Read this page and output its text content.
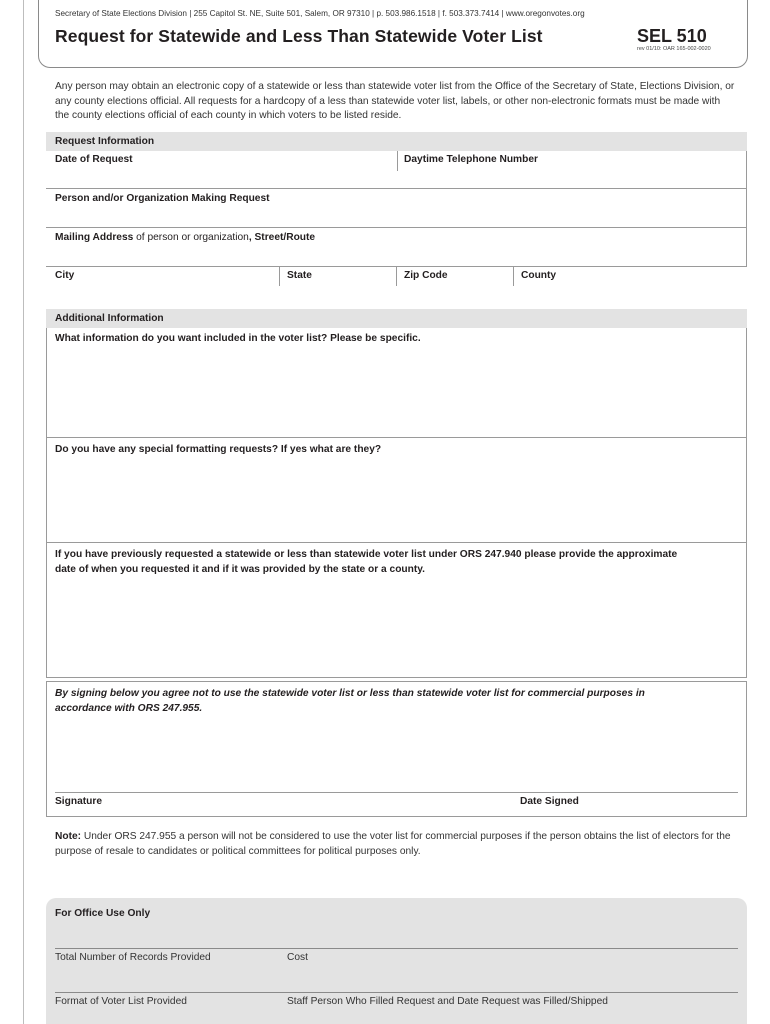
Secretary of State Elections Division | 255 Capitol St. NE, Suite 501, Salem, OR 97310 | p. 503.986.1518 | f. 503.373.7414 | www.oregonvotes.org
Request for Statewide and Less Than Statewide Voter List	SEL 510
rev 01/10: OAR 165-002-0020
Any person may obtain an electronic copy of a statewide or less than statewide voter list from the Office of the Secretary of State, Elections Division, or any county elections official. All requests for a hardcopy of a less than statewide voter list, labels, or other non-electronic formats must be made with the county elections official of each county in which voters to be listed reside.
Request Information
Date of Request	Daytime Telephone Number
Person and/or Organization Making Request
Mailing Address of person or organization, Street/Route
City	State	Zip Code	County
Additional Information
What information do you want included in the voter list? Please be specific.
Do you have any special formatting requests? If yes what are they?
If you have previously requested a statewide or less than statewide voter list under ORS 247.940 please provide the approximate date of when you requested it and if it was provided by the state or a county.
By signing below you agree not to use the statewide voter list or less than statewide voter list for commercial purposes in accordance with ORS 247.955.
Signature	Date Signed
Note: Under ORS 247.955 a person will not be considered to use the voter list for commercial purposes if the person obtains the list of electors for the purpose of resale to candidates or political committees for political purposes only.
For Office Use Only
Total Number of Records Provided	Cost
Format of Voter List Provided	Staff Person Who Filled Request and Date Request was Filled/Shipped
